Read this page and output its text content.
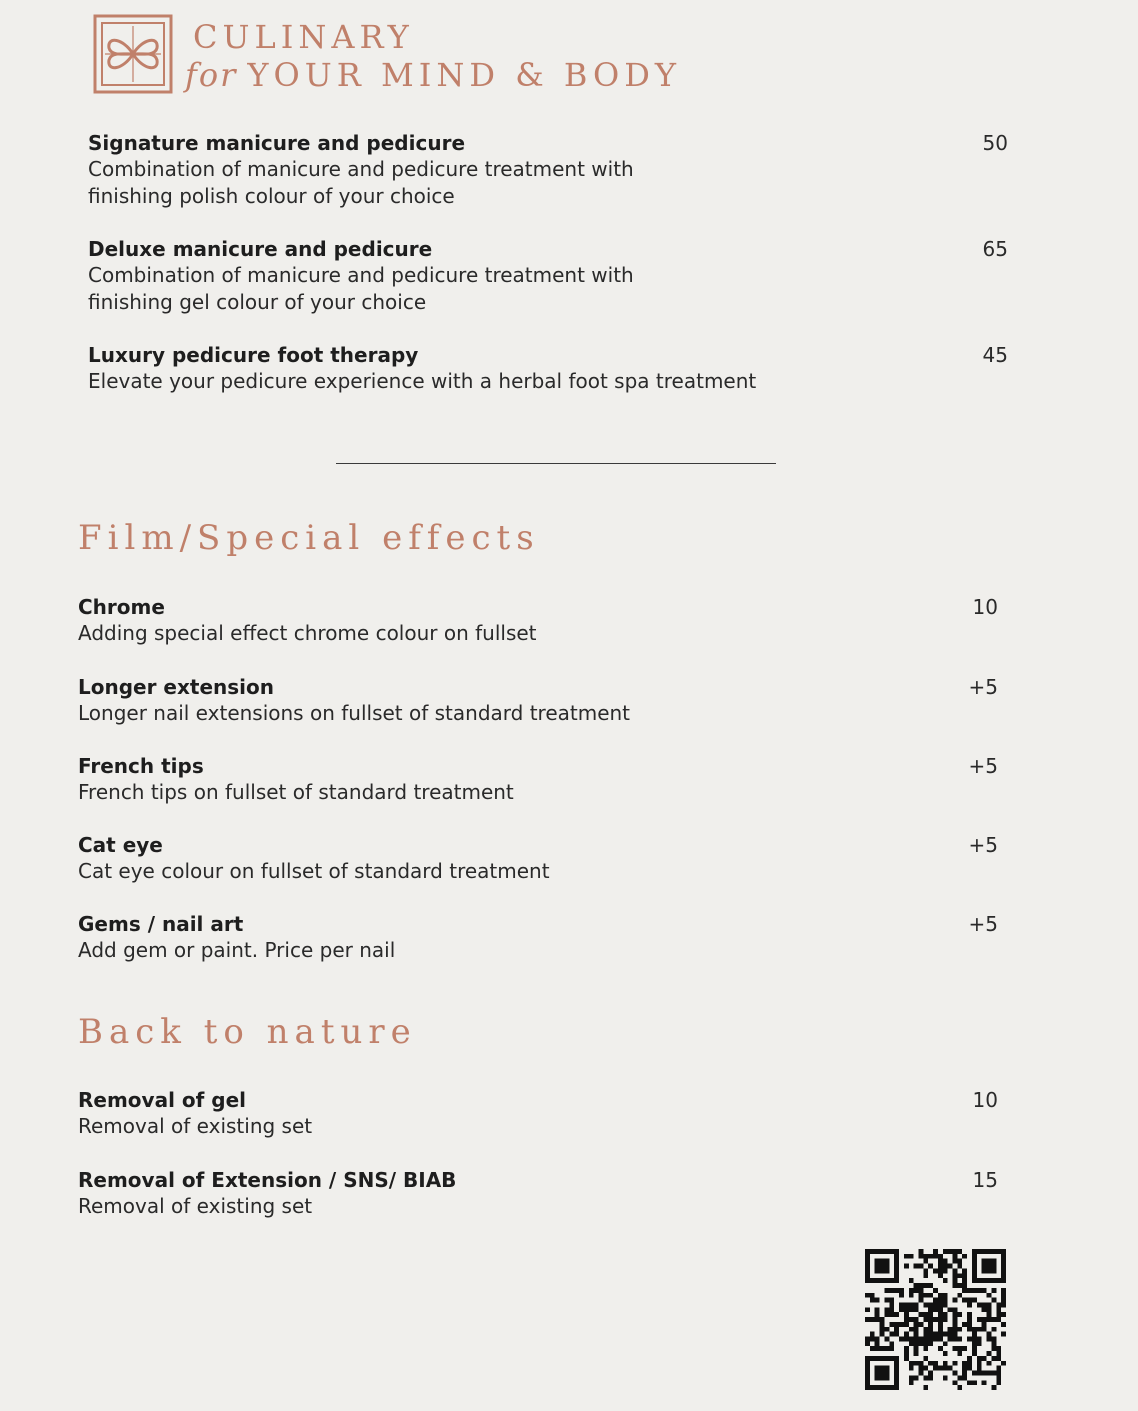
CULINARY
for YOUR MIND & BODY
Signature manicure and pedicure
Combination of manicure and pedicure treatment with
finishing polish colour of your choice
50
Deluxe manicure and pedicure
Combination of manicure and pedicure treatment with
finishing gel colour of your choice
65
Luxury pedicure foot therapy
Elevate your pedicure experience with a herbal foot spa treatment
45
Film/Special effects
Chrome
Adding special effect chrome colour on fullset
10
Longer extension
Longer nail extensions on fullset of standard treatment
+5
French tips
French tips on fullset of standard treatment
+5
Cat eye
Cat eye colour on fullset of standard treatment
+5
Gems / nail art
Add gem or paint. Price per nail
+5
Back to nature
Removal of gel
Removal of existing set
10
Removal of Extension / SNS/ BIAB
Removal of existing set
15
